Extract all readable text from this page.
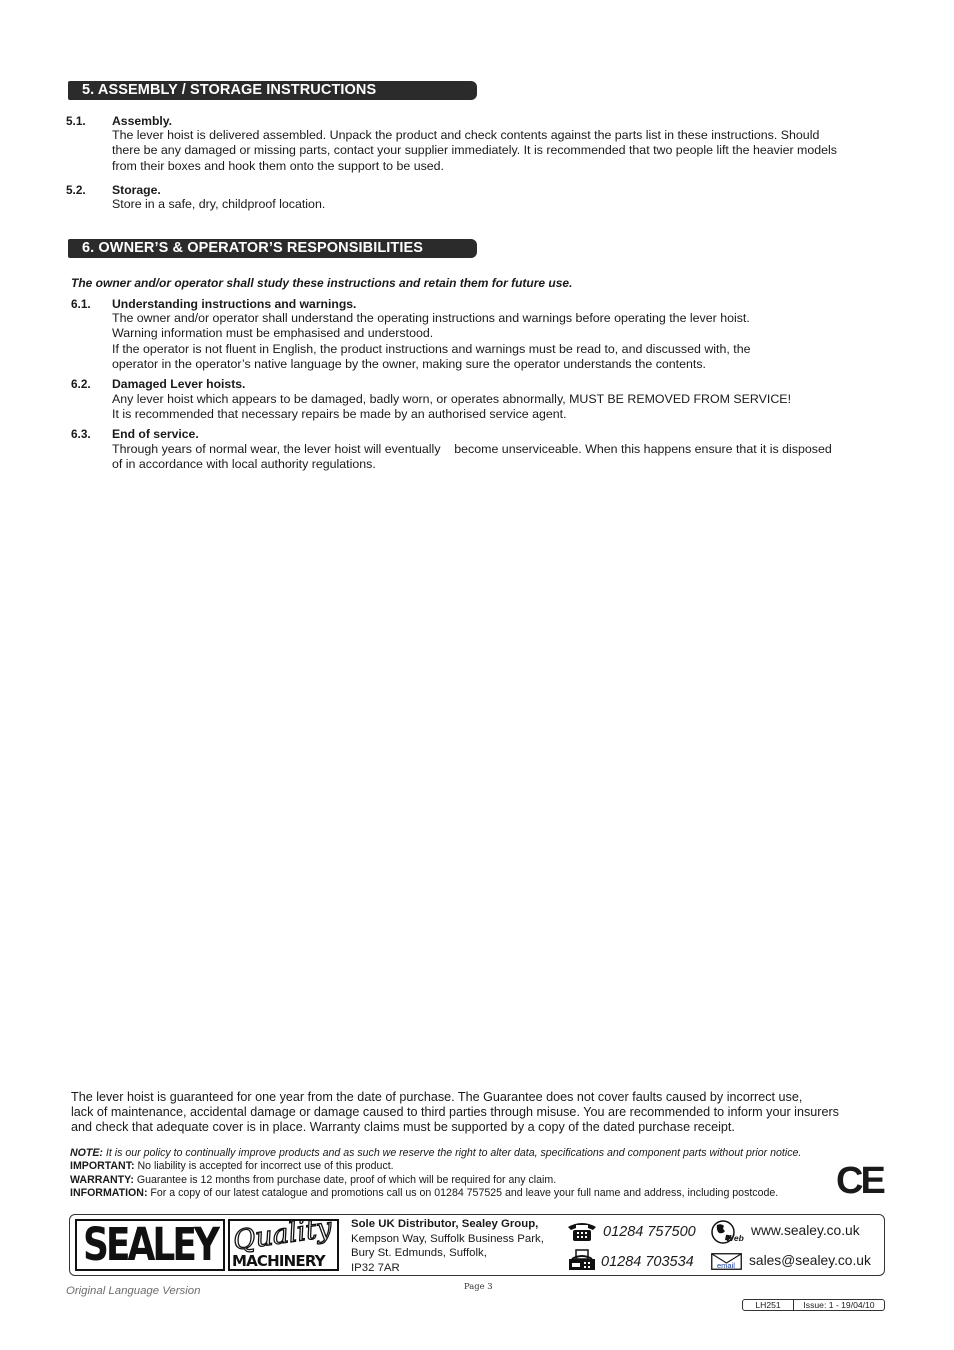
5. ASSEMBLY / STORAGE INSTRUCTIONS
5.1. Assembly.
The lever hoist is delivered assembled. Unpack the product and check contents against the parts list in these instructions. Should
there be any damaged or missing parts, contact your supplier immediately. It is recommended that two people lift the heavier models
from their boxes and hook them onto the support to be used.
5.2. Storage.
Store in a safe, dry, childproof location.
6. OWNER’S & OPERATOR’S RESPONSIBILITIES
The owner and/or operator shall study these instructions and retain them for future use.
6.1. Understanding instructions and warnings.
The owner and/or operator shall understand the operating instructions and warnings before operating the lever hoist.
Warning information must be emphasised and understood.
If the operator is not fluent in English, the product instructions and warnings must be read to, and discussed with, the
operator in the operator’s native language by the owner, making sure the operator understands the contents.
6.2. Damaged Lever hoists.
Any lever hoist which appears to be damaged, badly worn, or operates abnormally, MUST BE REMOVED FROM SERVICE!
It is recommended that necessary repairs be made by an authorised service agent.
6.3. End of service.
Through years of normal wear, the lever hoist will eventually    become unserviceable. When this happens ensure that it is disposed
of in accordance with local authority regulations.
The lever hoist is guaranteed for one year from the date of purchase. The Guarantee does not cover faults caused by incorrect use,
lack of maintenance, accidental damage or damage caused to third parties through misuse. You are recommended to inform your insurers
and check that adequate cover is in place. Warranty claims must be supported by a copy of the dated purchase receipt.
NOTE: It is our policy to continually improve products and as such we reserve the right to alter data, specifications and component parts without prior notice.
IMPORTANT: No liability is accepted for incorrect use of this product.
WARRANTY: Guarantee is 12 months from purchase date, proof of which will be required for any claim.
INFORMATION: For a copy of our latest catalogue and promotions call us on 01284 757525 and leave your full name and address, including postcode. CE
SEALEY Quality
MACHINERY
Sole UK Distributor, Sealey Group,
Kempson Way, Suffolk Business Park,
Bury St. Edmunds, Suffolk,
IP32 7AR
01284 757500
01284 703534
Web www.sealey.co.uk
email sales@sealey.co.uk
Page 3
Original Language Version
LH251	Issue: 1 - 19/04/10
